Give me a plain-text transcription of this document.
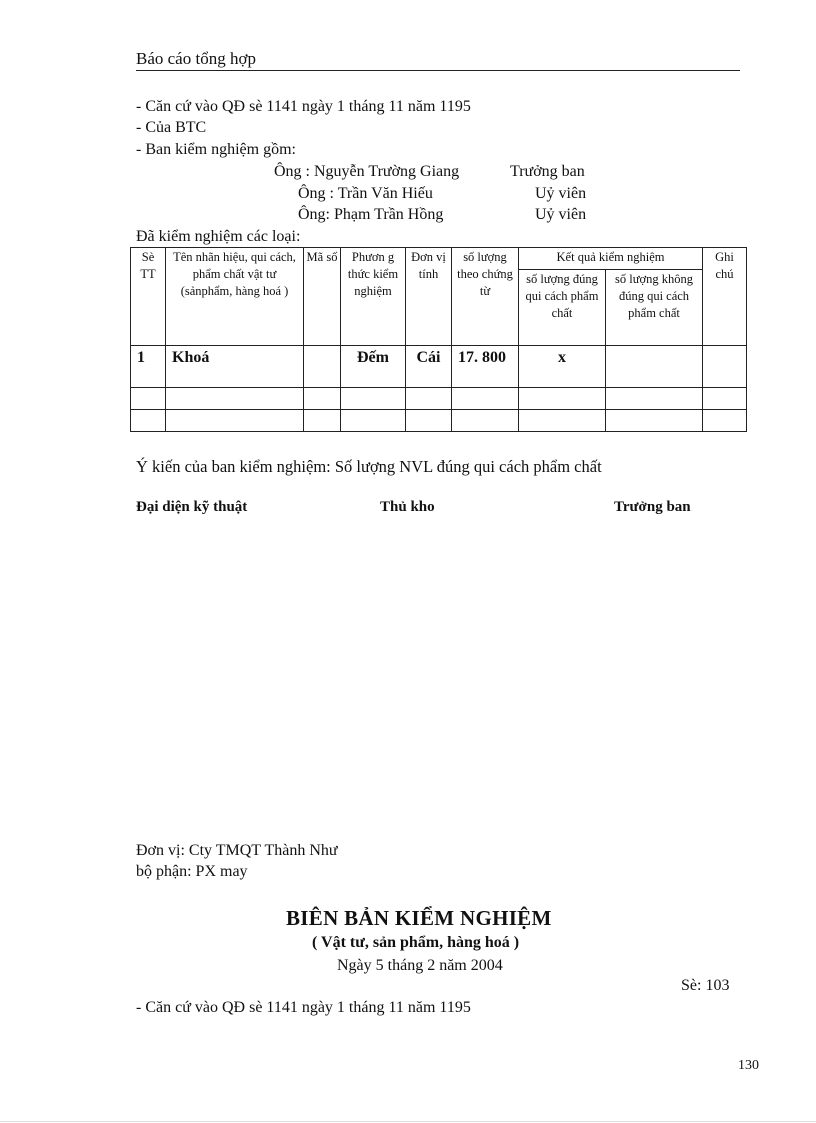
Báo cáo tổng hợp
- Căn cứ vào QĐ sè 1141 ngày 1 tháng 11 năm 1195
- Của BTC
- Ban kiểm nghiệm gồm:
Ông : Nguyễn Trường Giang	Trưởng ban
Ông : Trần Văn Hiếu	Uỷ viên
Ông: Phạm Trần Hồng	Uỷ viên
Đã kiểm nghiệm các loại:
Sè TT	Tên nhãn hiệu, qui cách, phẩm chất vật tư (sảnphẩm, hàng hoá )	Mã số	Phươn g thức kiểm nghiệm	Đơn vị tính	số lượng theo chứng từ	Kết quả kiểm nghiệm		Ghi chú
						số lượng đúng qui cách phẩm chất	số lượng không đúng qui cách phẩm chất	
1	Khoá		Đếm	Cái	17. 800	x		

Ý kiến của ban kiểm nghiệm: Số lượng NVL đúng qui cách phẩm chất
Đại diện kỹ thuật	Thủ kho	Trưởng ban
Đơn vị: Cty TMQT Thành Như
bộ phận: PX may
BIÊN BẢN KIỂM NGHIỆM
( Vật tư, sản phẩm, hàng hoá )
Ngày 5 tháng 2 năm 2004
Sè: 103
- Căn cứ vào QĐ sè 1141 ngày 1 tháng 11 năm 1195
130
